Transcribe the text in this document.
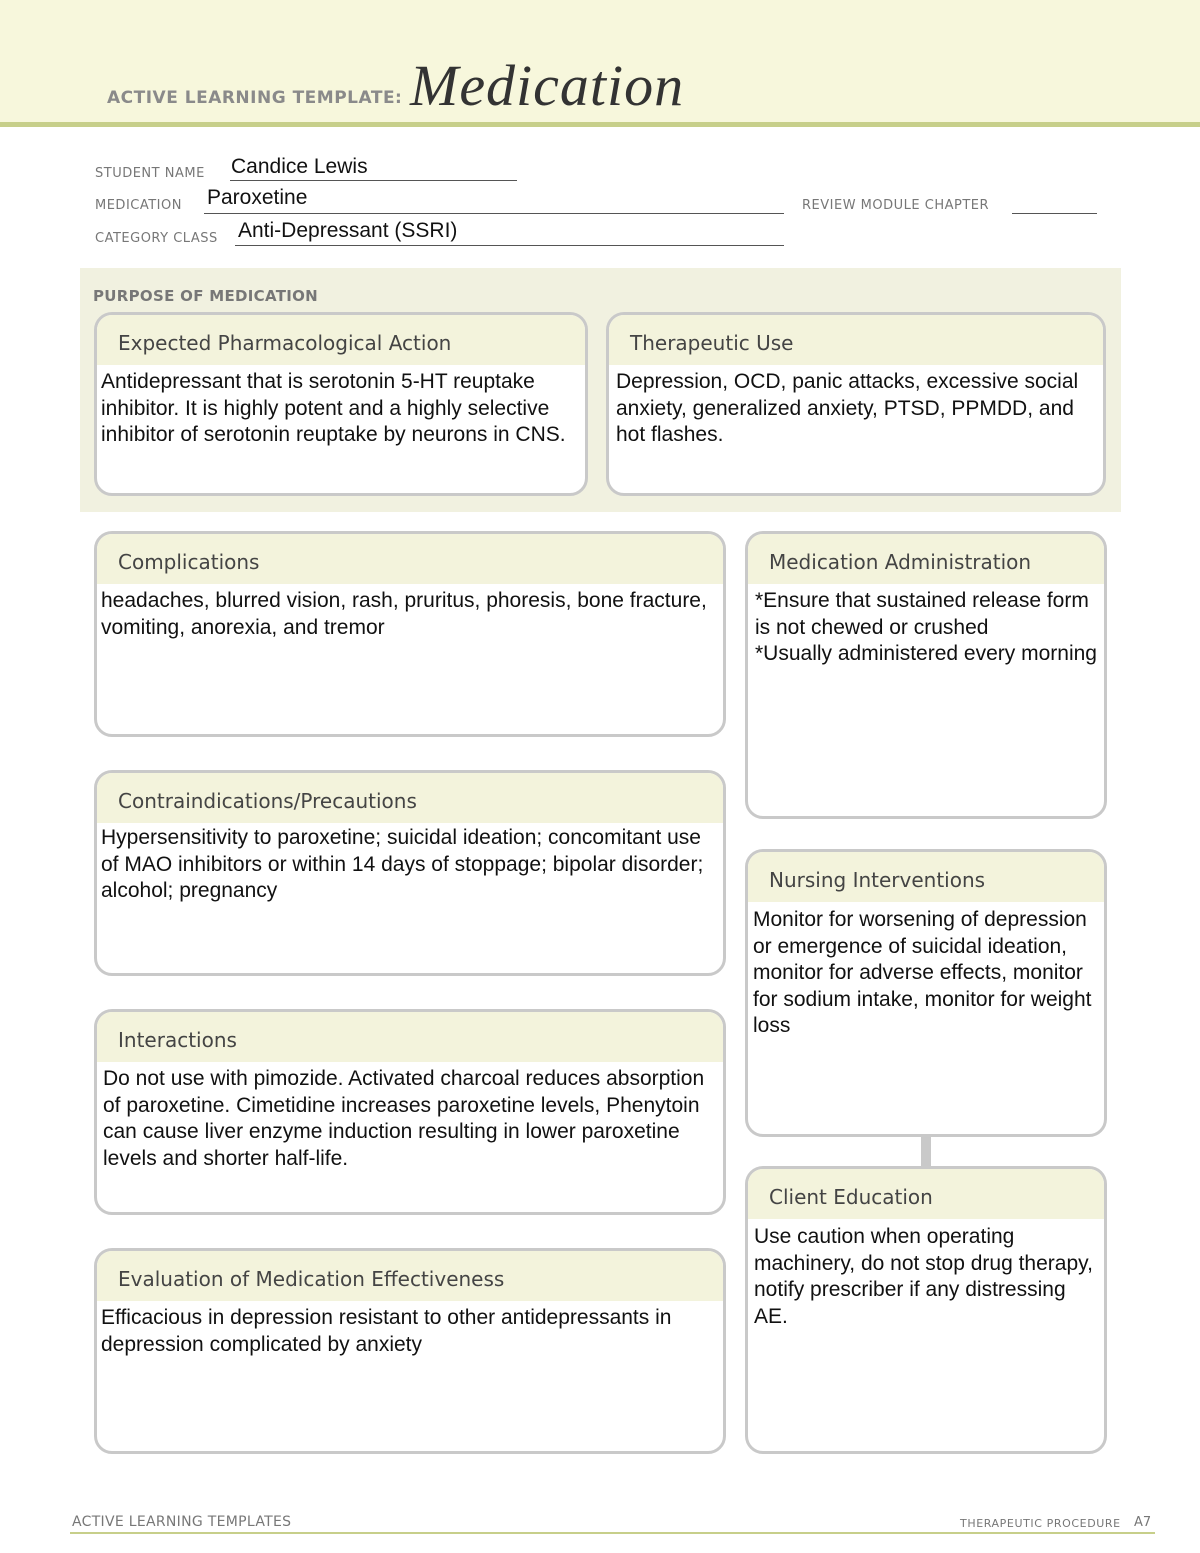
ACTIVE LEARNING TEMPLATE: Medication
STUDENT NAME Candice Lewis
MEDICATION Paroxetine	REVIEW MODULE CHAPTER
CATEGORY CLASS Anti-Depressant (SSRI)
PURPOSE OF MEDICATION
Expected Pharmacological Action
Antidepressant that is serotonin 5-HT reuptake inhibitor. It is highly potent and a highly selective inhibitor of serotonin reuptake by neurons in CNS.
Therapeutic Use
Depression, OCD, panic attacks, excessive social anxiety, generalized anxiety, PTSD, PPMDD, and hot flashes.
Complications
headaches, blurred vision, rash, pruritus, phoresis, bone fracture, vomiting, anorexia, and tremor
Contraindications/Precautions
Hypersensitivity to paroxetine; suicidal ideation; concomitant use of MAO inhibitors or within 14 days of stoppage; bipolar disorder; alcohol; pregnancy
Interactions
Do not use with pimozide. Activated charcoal reduces absorption of paroxetine. Cimetidine increases paroxetine levels, Phenytoin can cause liver enzyme induction resulting in lower paroxetine levels and shorter half-life.
Evaluation of Medication Effectiveness
Efficacious in depression resistant to other antidepressants in depression complicated by anxiety
Medication Administration
*Ensure that sustained release form is not chewed or crushed
*Usually administered every morning
Nursing Interventions
Monitor for worsening of depression or emergence of suicidal ideation, monitor for adverse effects, monitor for sodium intake, monitor for weight loss
Client Education
Use caution when operating machinery, do not stop drug therapy, notify prescriber if any distressing AE.
ACTIVE LEARNING TEMPLATES	THERAPEUTIC PROCEDURE A7
